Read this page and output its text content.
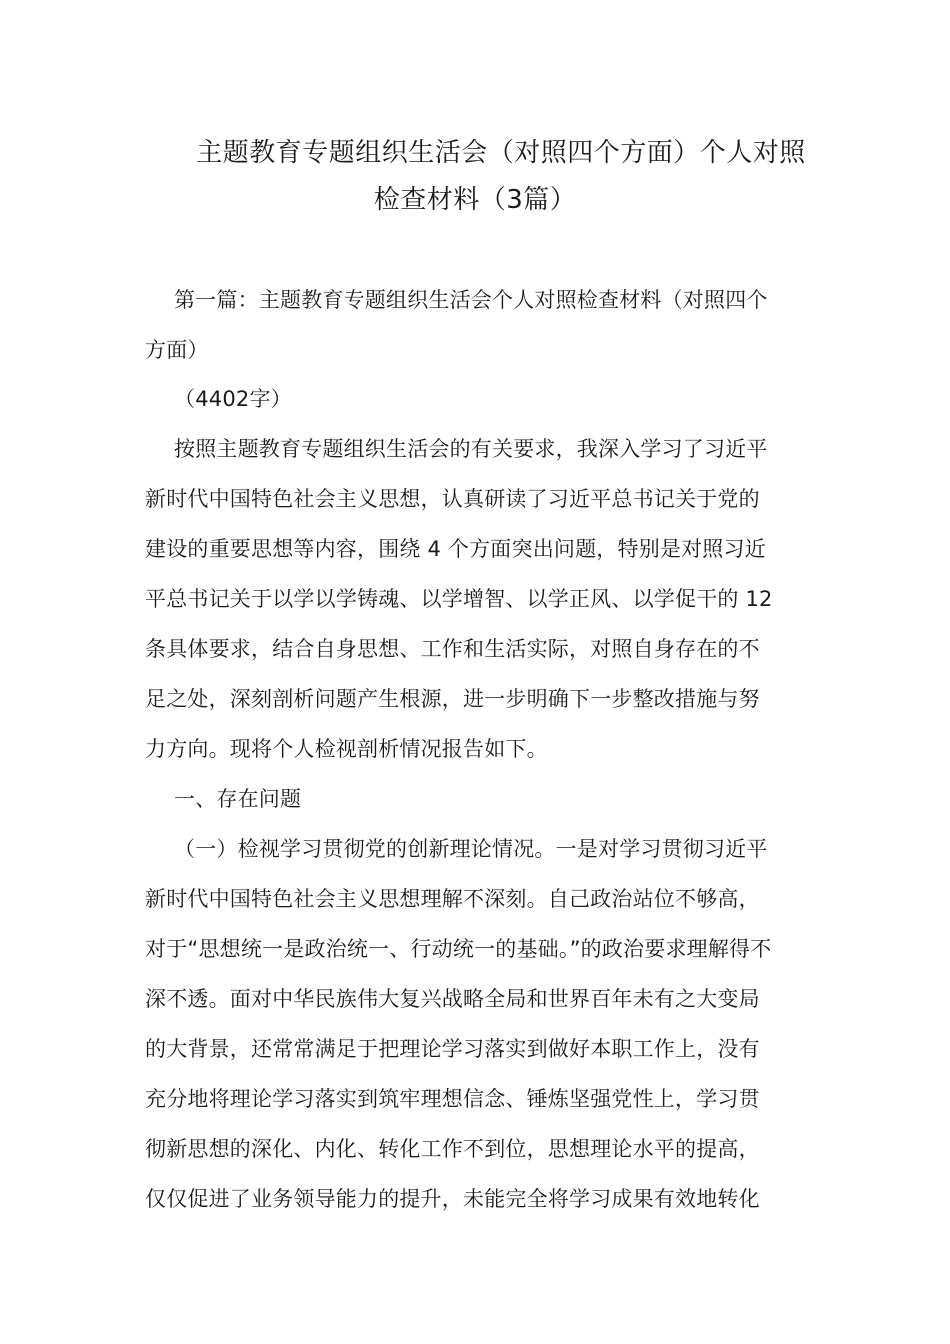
主题教育专题组织生活会（对照四个方面）个人对照
检查材料（3篇）
第一篇：主题教育专题组织生活会个人对照检查材料（对照四个
方面）
（4402字）
按照主题教育专题组织生活会的有关要求，我深入学习了习近平
新时代中国特色社会主义思想，认真研读了习近平总书记关于党的
建设的重要思想等内容，围绕 4 个方面突出问题，特别是对照习近
平总书记关于以学以学铸魂、以学增智、以学正风、以学促干的 12
条具体要求，结合自身思想、工作和生活实际，对照自身存在的不
足之处，深刻剖析问题产生根源，进一步明确下一步整改措施与努
力方向。现将个人检视剖析情况报告如下。
一、存在问题
（一）检视学习贯彻党的创新理论情况。一是对学习贯彻习近平
新时代中国特色社会主义思想理解不深刻。自己政治站位不够高，
对于“思想统一是政治统一、行动统一的基础。”的政治要求理解得不
深不透。面对中华民族伟大复兴战略全局和世界百年未有之大变局
的大背景，还常常满足于把理论学习落实到做好本职工作上，没有
充分地将理论学习落实到筑牢理想信念、锤炼坚强党性上，学习贯
彻新思想的深化、内化、转化工作不到位，思想理论水平的提高，
仅仅促进了业务领导能力的提升，未能完全将学习成果有效地转化
